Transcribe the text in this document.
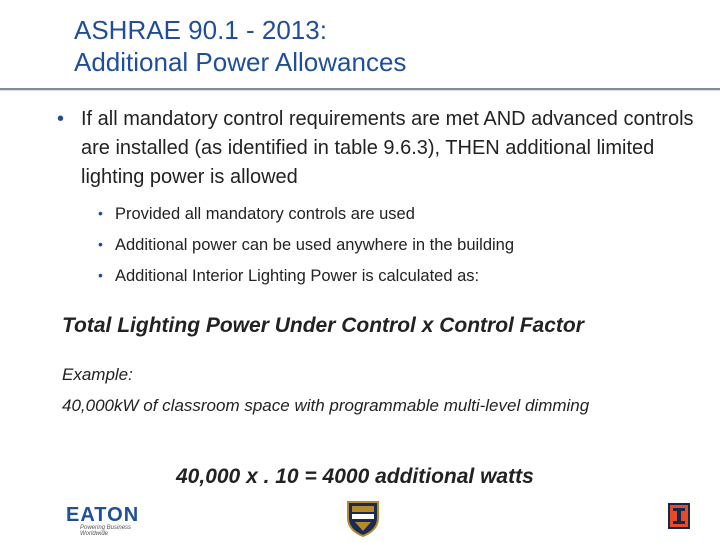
ASHRAE 90.1 - 2013:
Additional Power Allowances
• If all mandatory control requirements are met AND advanced controls are installed (as identified in table 9.6.3), THEN additional limited lighting power is allowed
• Provided all mandatory controls are used
• Additional power can be used anywhere in the building
• Additional Interior Lighting Power is calculated as:
Total Lighting Power Under Control x Control Factor
Example:
40,000kW of classroom space with programmable multi-level dimming
40,000 x . 10 = 4000 additional watts
EATON
Powering Business Worldwide
